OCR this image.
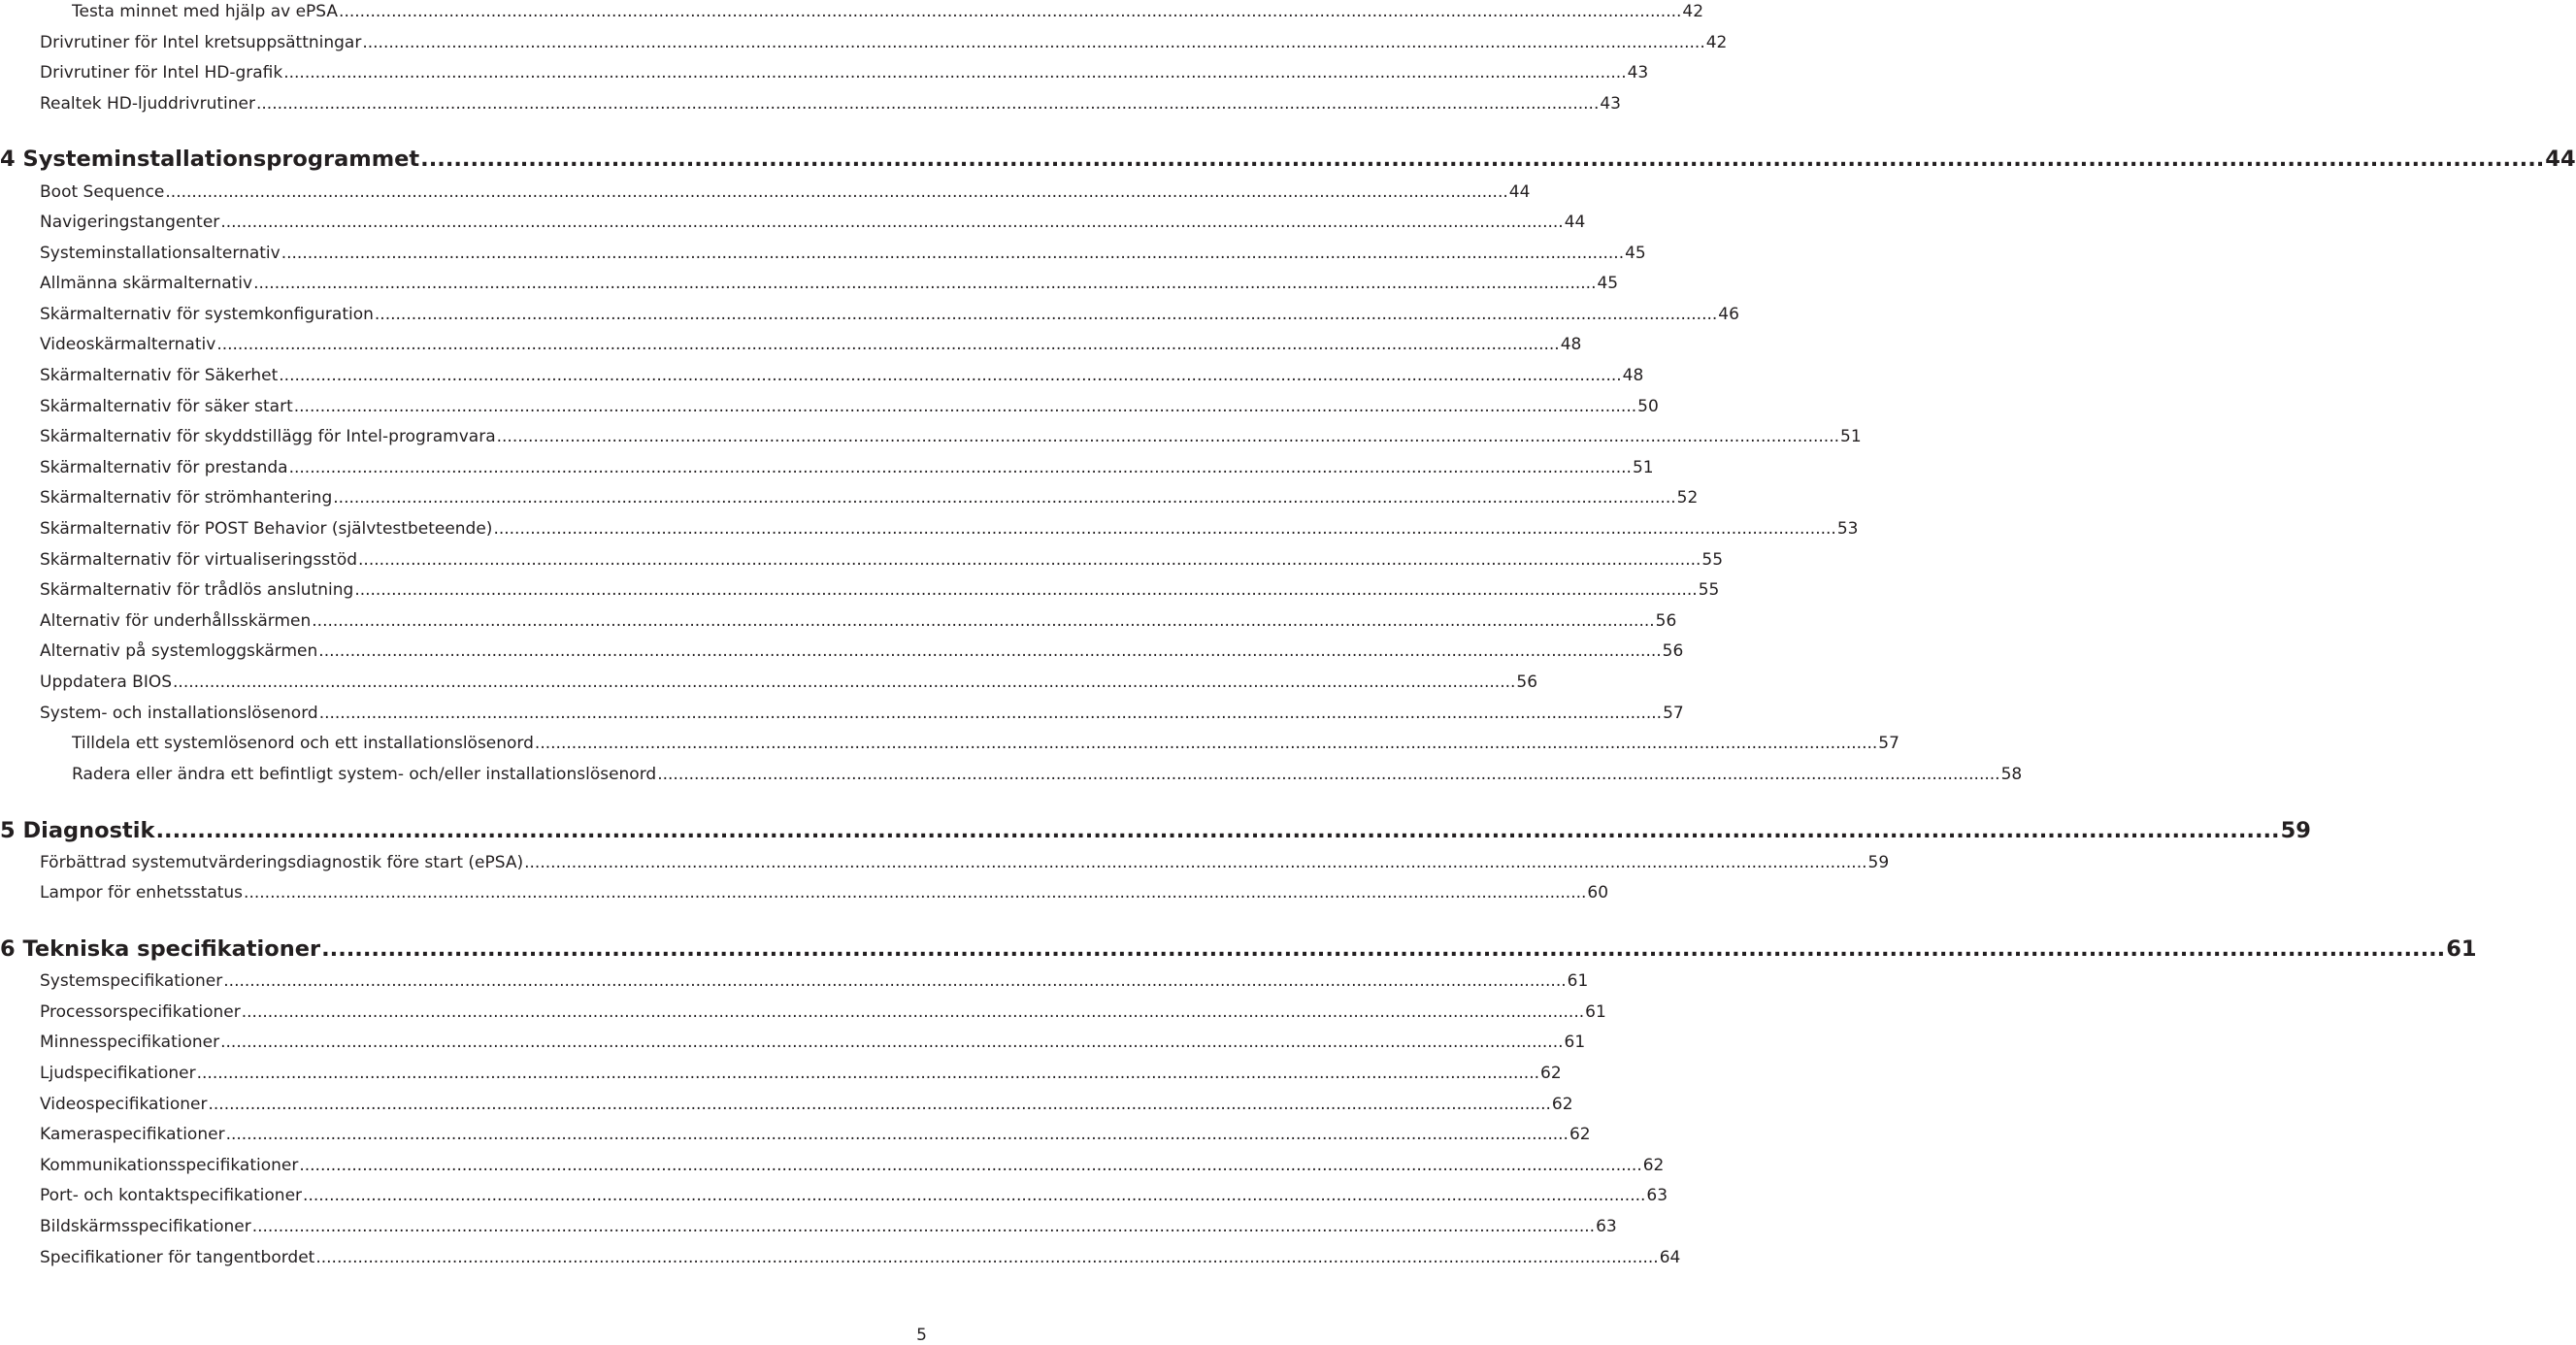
Testa minnet med hjälp av ePSA ................................................................................................................................................................................................................................................................ 42
Drivrutiner för Intel kretsuppsättningar ................................................................................................................................................................................................................................................................ 42
Drivrutiner för Intel HD-grafik ................................................................................................................................................................................................................................................................ 43
Realtek HD-ljuddrivrutiner ................................................................................................................................................................................................................................................................ 43
4 Systeminstallationsprogrammet ................................................................................................................................................................................................................................................................ 44
Boot Sequence ................................................................................................................................................................................................................................................................ 44
Navigeringstangenter ................................................................................................................................................................................................................................................................ 44
Systeminstallationsalternativ ................................................................................................................................................................................................................................................................ 45
Allmänna skärmalternativ ................................................................................................................................................................................................................................................................ 45
Skärmalternativ för systemkonfiguration ................................................................................................................................................................................................................................................................ 46
Videoskärmalternativ ................................................................................................................................................................................................................................................................ 48
Skärmalternativ för Säkerhet ................................................................................................................................................................................................................................................................ 48
Skärmalternativ för säker start ................................................................................................................................................................................................................................................................ 50
Skärmalternativ för skyddstillägg för Intel-programvara ................................................................................................................................................................................................................................................................ 51
Skärmalternativ för prestanda ................................................................................................................................................................................................................................................................ 51
Skärmalternativ för strömhantering ................................................................................................................................................................................................................................................................ 52
Skärmalternativ för POST Behavior (självtestbeteende) ................................................................................................................................................................................................................................................................ 53
Skärmalternativ för virtualiseringsstöd ................................................................................................................................................................................................................................................................ 55
Skärmalternativ för trådlös anslutning ................................................................................................................................................................................................................................................................ 55
Alternativ för underhållsskärmen ................................................................................................................................................................................................................................................................ 56
Alternativ på systemloggskärmen ................................................................................................................................................................................................................................................................ 56
Uppdatera BIOS ................................................................................................................................................................................................................................................................ 56
System- och installationslösenord ................................................................................................................................................................................................................................................................ 57
Tilldela ett systemlösenord och ett installationslösenord ................................................................................................................................................................................................................................................................ 57
Radera eller ändra ett befintligt system- och/eller installationslösenord ................................................................................................................................................................................................................................................................ 58
5 Diagnostik ................................................................................................................................................................................................................................................................ 59
Förbättrad systemutvärderingsdiagnostik före start (ePSA) ................................................................................................................................................................................................................................................................ 59
Lampor för enhetsstatus ................................................................................................................................................................................................................................................................ 60
6 Tekniska specifikationer ................................................................................................................................................................................................................................................................ 61
Systemspecifikationer ................................................................................................................................................................................................................................................................ 61
Processorspecifikationer ................................................................................................................................................................................................................................................................ 61
Minnesspecifikationer ................................................................................................................................................................................................................................................................ 61
Ljudspecifikationer ................................................................................................................................................................................................................................................................ 62
Videospecifikationer ................................................................................................................................................................................................................................................................ 62
Kameraspecifikationer ................................................................................................................................................................................................................................................................ 62
Kommunikationsspecifikationer ................................................................................................................................................................................................................................................................ 62
Port- och kontaktspecifikationer ................................................................................................................................................................................................................................................................ 63
Bildskärmsspecifikationer ................................................................................................................................................................................................................................................................ 63
Specifikationer för tangentbordet ................................................................................................................................................................................................................................................................ 64
5
